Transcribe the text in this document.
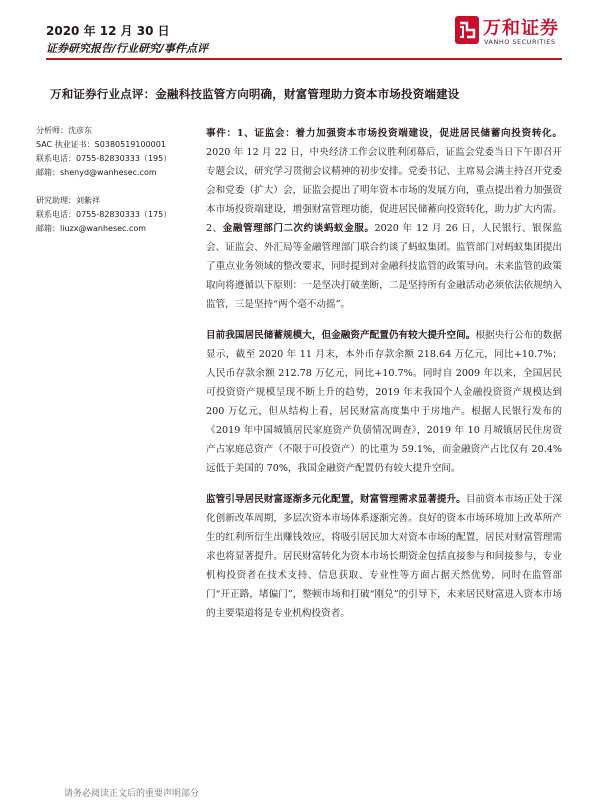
2020 年 12 月 30 日
证券研究报告/行业研究/事件点评
万和证券
VANHO SECURITIES
万和证券行业点评：金融科技监管方向明确，财富管理助力资本市场投资端建设
分析师：沈彦东
SAC 执业证书：S0380519100001
联系电话：0755-82830333（195）
邮箱：shenyd@wanhesec.com
研究助理：刘紫祥
联系电话：0755-82830333（175）
邮箱：liuzx@wanhesec.com

事件：1、证监会：着力加强资本市场投资端建设，促进居民储蓄向投资转化。2020 年 12 月 22 日，中央经济工作会议胜利闭幕后，证监会党委当日下午即召开专题会议，研究学习贯彻会议精神的初步安排。党委书记、主席易会满主持召开党委会和党委（扩大）会，证监会提出了明年资本市场的发展方向，重点提出着力加强资本市场投资端建设，增强财富管理功能，促进居民储蓄向投资转化，助力扩大内需。2、金融管理部门二次约谈蚂蚁金服。2020 年 12 月 26 日，人民银行、银保监会、证监会、外汇局等金融管理部门联合约谈了蚂蚁集团。监管部门对蚂蚁集团提出了重点业务领域的整改要求，同时提到对金融科技监管的政策导向。未来监管的政策取向将遵循以下原则：一是坚决打破垄断，二是坚持所有金融活动必须依法依规纳入监管，三是坚持“两个毫不动摇”。

目前我国居民储蓄规模大，但金融资产配置仍有较大提升空间。根据央行公布的数据显示，截至 2020 年 11 月末，本外币存款余额 218.64 万亿元，同比+10.7%；人民币存款余额 212.78 万亿元，同比+10.7%。同时自 2009 年以来，全国居民可投资资产规模呈现不断上升的趋势，2019 年末我国个人金融投资资产规模达到 200 万亿元，但从结构上看，居民财富高度集中于房地产。根据人民银行发布的《2019 年中国城镇居民家庭资产负债情况调查》，2019 年 10 月城镇居民住房资产占家庭总资产（不限于可投资产）的比重为 59.1%，而金融资产占比仅有 20.4%远低于美国的 70%，我国金融资产配置仍有较大提升空间。

监管引导居民财富逐渐多元化配置，财富管理需求显著提升。目前资本市场正处于深化创新改革周期，多层次资本市场体系逐渐完善。良好的资本市场环境加上改革所产生的红利所衍生出赚钱效应，将吸引居民加大对资本市场的配置，居民对财富管理需求也将显著提升。居民财富转化为资本市场长期资金包括直接参与和间接参与，专业机构投资者在技术支持、信息获取、专业性等方面占据天然优势，同时在监管部门“开正路，堵偏门”，整顿市场和打破“刚兑”的引导下，未来居民财富进入资本市场的主要渠道将是专业机构投资者。

　　请务必阅读正文后的重要声明部分
